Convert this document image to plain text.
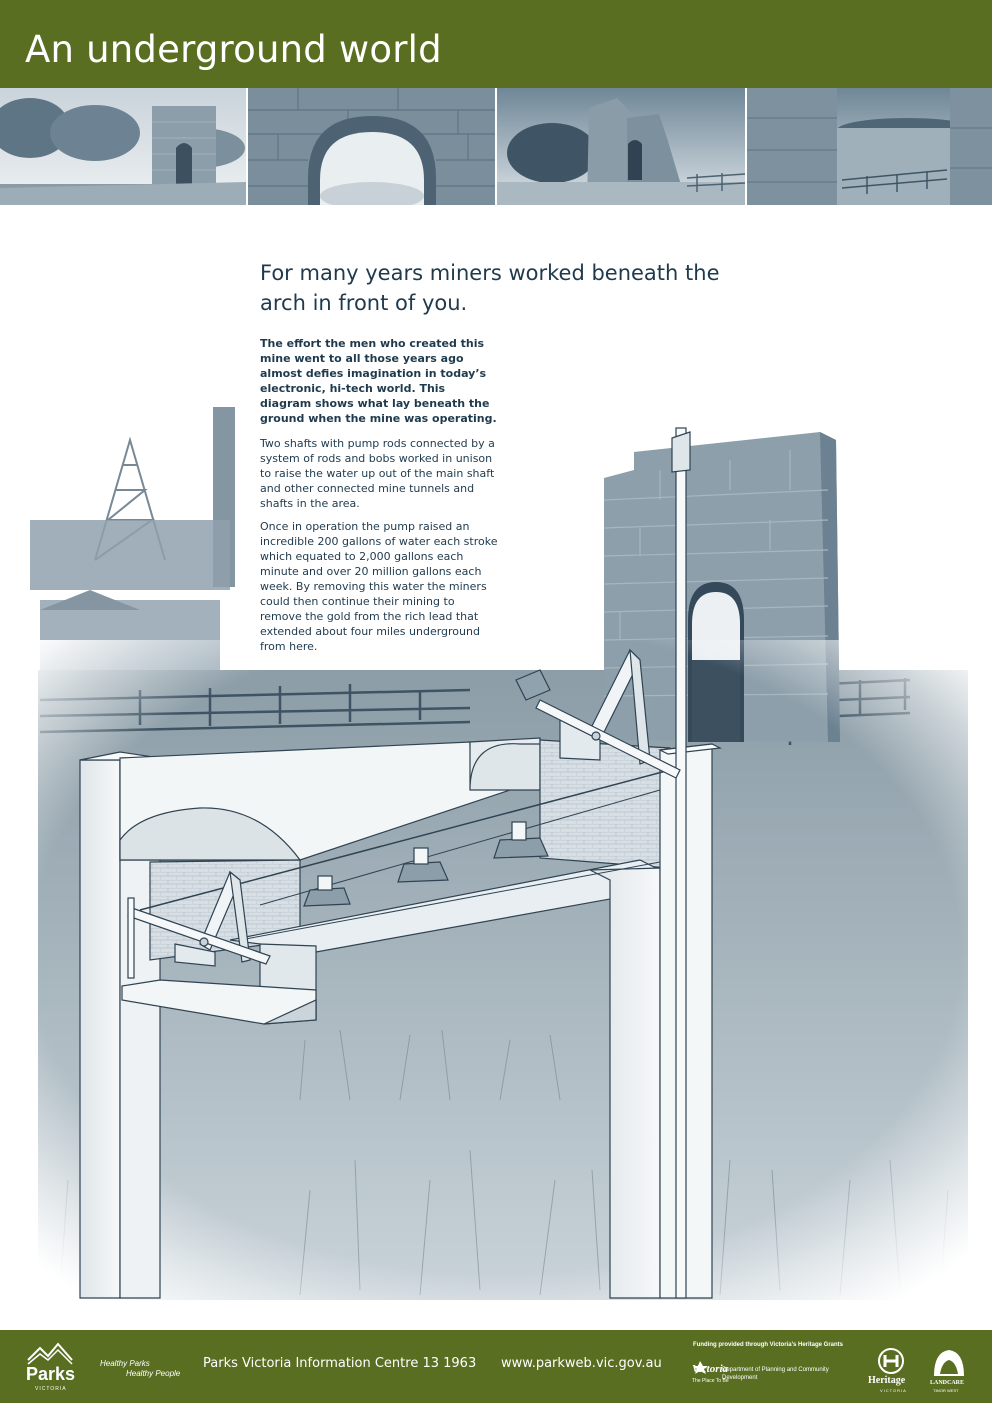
An underground world
For many years miners worked beneath the arch in front of you.

The effort the men who created this mine went to all those years ago almost defies imagination in today’s electronic, hi-tech world. This diagram shows what lay beneath the ground when the mine was operating.

Two shafts with pump rods connected by a system of rods and bobs worked in unison to raise the water up out of the main shaft and other connected mine tunnels and shafts in the area.

Once in operation the pump raised an incredible 200 gallons of water each stroke which equated to 2,000 gallons each minute and over 20 million gallons each week. By removing this water the miners could then continue their mining to remove the gold from the rich lead that extended about four miles underground from here.

Parks
VICTORIA
Healthy Parks
Healthy People
Parks Victoria Information Centre 13 1963 www.parkweb.vic.gov.au
Funding provided through Victoria’s Heritage Grants
Victoria
The Place To Be
Department of Planning and Community Development	Heritage
VICTORIA
LANDCARE
TIMOR WEST
